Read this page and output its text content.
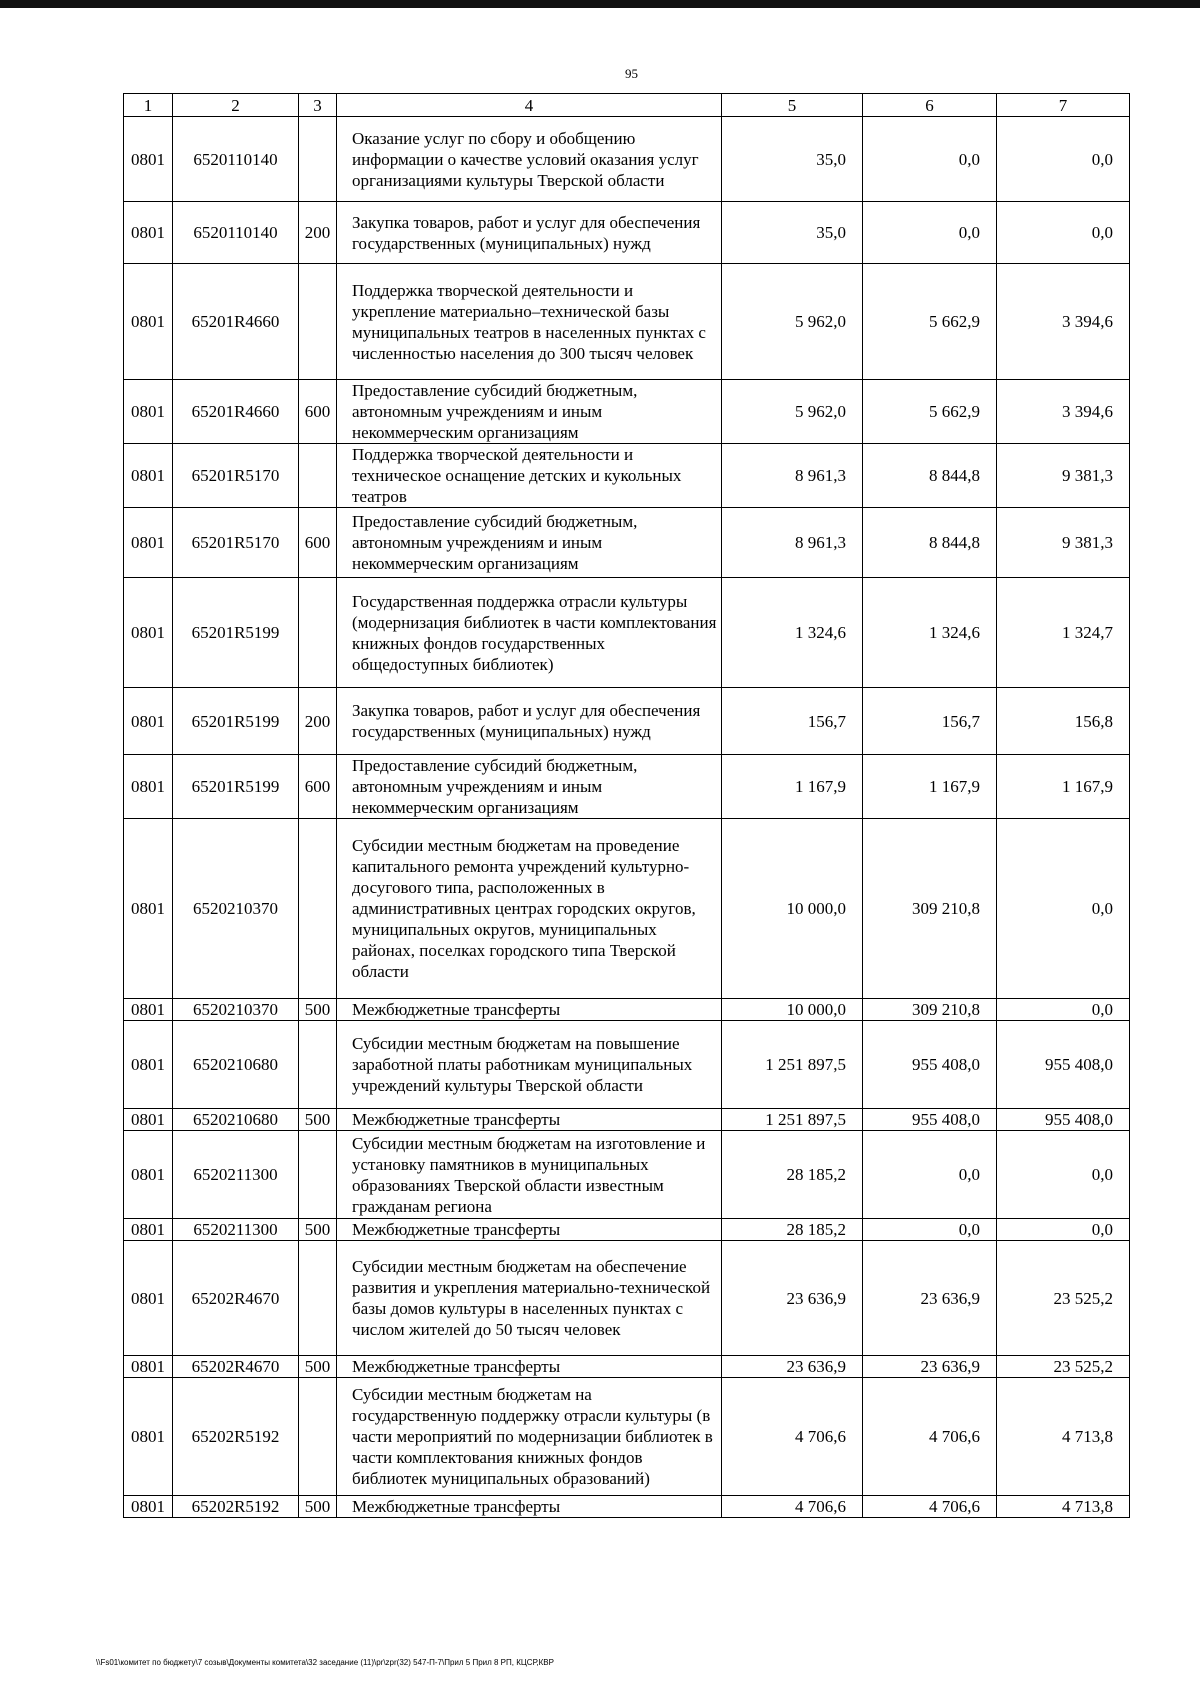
95
1	2	3	4	5	6	7
0801	6520110140		Оказание услуг по сбору и обобщению информации о качестве условий оказания услуг организациями культуры Тверской области	35,0	0,0	0,0
0801	6520110140	200	Закупка товаров, работ и услуг для обеспечения государственных (муниципальных) нужд	35,0	0,0	0,0
0801	65201R4660		Поддержка творческой деятельности и укрепление материально–технической базы муниципальных театров в населенных пунктах с численностью населения до 300 тысяч человек	5 962,0	5 662,9	3 394,6
0801	65201R4660	600	Предоставление субсидий бюджетным, автономным учреждениям и иным некоммерческим организациям	5 962,0	5 662,9	3 394,6
0801	65201R5170		Поддержка творческой деятельности и техническое оснащение детских и кукольных театров	8 961,3	8 844,8	9 381,3
0801	65201R5170	600	Предоставление субсидий бюджетным, автономным учреждениям и иным некоммерческим организациям	8 961,3	8 844,8	9 381,3
0801	65201R5199		Государственная поддержка отрасли культуры (модернизация библиотек в части комплектования книжных фондов государственных общедоступных библиотек)	1 324,6	1 324,6	1 324,7
0801	65201R5199	200	Закупка товаров, работ и услуг для обеспечения государственных (муниципальных) нужд	156,7	156,7	156,8
0801	65201R5199	600	Предоставление субсидий бюджетным, автономным учреждениям и иным некоммерческим организациям	1 167,9	1 167,9	1 167,9
0801	6520210370		Субсидии местным бюджетам на проведение капитального ремонта учреждений культурно-досугового типа, расположенных в административных центрах городских округов, муниципальных округов, муниципальных районах, поселках городского типа Тверской области	10 000,0	309 210,8	0,0
0801	6520210370	500	Межбюджетные трансферты	10 000,0	309 210,8	0,0
0801	6520210680		Субсидии местным бюджетам на повышение заработной платы работникам муниципальных учреждений культуры Тверской области	1 251 897,5	955 408,0	955 408,0
0801	6520210680	500	Межбюджетные трансферты	1 251 897,5	955 408,0	955 408,0
0801	6520211300		Субсидии местным бюджетам на изготовление и установку памятников в муниципальных образованиях Тверской области известным гражданам региона	28 185,2	0,0	0,0
0801	6520211300	500	Межбюджетные трансферты	28 185,2	0,0	0,0
0801	65202R4670		Субсидии местным бюджетам на обеспечение развития и укрепления материально-технической базы домов культуры в населенных пунктах с числом жителей до 50 тысяч человек	23 636,9	23 636,9	23 525,2
0801	65202R4670	500	Межбюджетные трансферты	23 636,9	23 636,9	23 525,2
0801	65202R5192		Субсидии местным бюджетам на государственную поддержку отрасли культуры (в части мероприятий по модернизации библиотек в части комплектования книжных фондов библиотек муниципальных образований)	4 706,6	4 706,6	4 713,8
0801	65202R5192	500	Межбюджетные трансферты	4 706,6	4 706,6	4 713,8
\\Fs01\комитет по бюджету\7 созыв\Документы комитета\32 заседание (11)\pr\zpr(32) 547-П-7\Прил 5 Прил 8 РП, КЦСР,КВР
